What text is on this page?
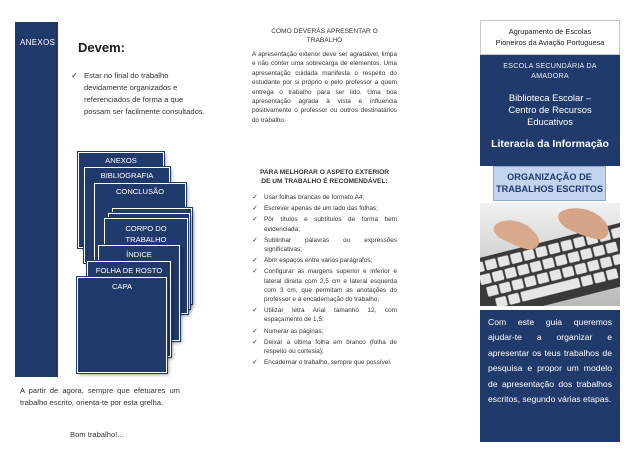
ANEXOS Devem:
✓ Estar no final do trabalho devidamente organizados e referenciados de forma a que possam ser facilmente consultados.
ANEXOS
BIBLIOGRAFIA
CONCLUSÃO
CORPO DO
TRABALHO
ÍNDICE
FOLHA DE ROSTO
CAPA
A partir de agora, sempre que efetuares um trabalho escrito, orienta-te por esta grelha.
Bom trabalho!...
COMO DEVERÁS APRESENTAR O
TRABALHO
A apresentação exterior deve ser agradável, limpa e não conter uma sobrecarga de elementos. Uma apresentação cuidada manifesta o respeito do estudante por si próprio e pelo professor a quem entrega o trabalho para ser lido. Uma boa apresentação agrada à vista e influencia positivamente o professor ou outros destinatários do trabalho.
PARA MELHORAR O ASPETO EXTERIOR
DE UM TRABALHO É RECOMENDÁVEL:
✓ Usar folhas brancas de formato A4;
✓ Escrever apenas de um lado das folhas;
✓ Pôr títulos e subtítulos de forma bem evidenciada;
✓ Sublinhar palavras ou expressões significativas;
✓ Abrir espaços entre vários parágrafos;
✓ Configurar as margens superior e inferior e lateral direita com 2,5 cm e lateral esquerda com 3 cm, que permitam as anotações do professor e a encadernação do trabalho;
✓ Utilizar letra Arial tamanho 12, com espaçamento de 1,5;
✓ Numerar as páginas;
✓ Deixar a última folha em branco (folha de respeito ou cortesia);
✓ Encadernar o trabalho, sempre que possível.
Agrupamento de Escolas
Pioneiros da Aviação Portuguesa
ESCOLA SECUNDÁRIA DA
AMADORA
Biblioteca Escolar –
Centro de Recursos
Educativos
Literacia da Informação
ORGANIZAÇÃO DE
TRABALHOS ESCRITOS
Com este guia queremos ajudar-te a organizar e apresentar os teus trabalhos de pesquisa e propor um modelo de apresentação dos trabalhos escritos, segundo várias etapas.
